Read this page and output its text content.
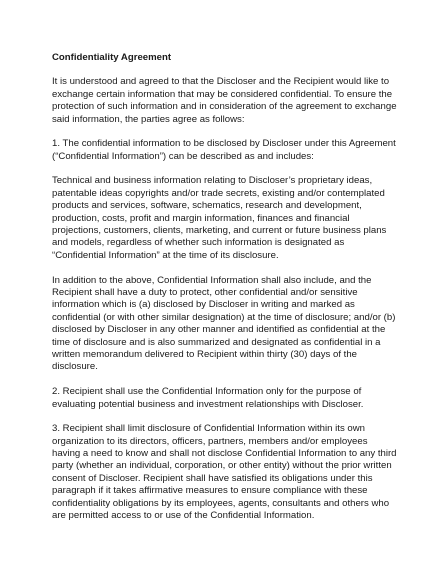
Confidentiality Agreement

It is understood and agreed to that the Discloser and the Recipient would like to exchange certain information that may be considered confidential. To ensure the protection of such information and in consideration of the agreement to exchange said information, the parties agree as follows:

1. The confidential information to be disclosed by Discloser under this Agreement (“Confidential Information”) can be described as and includes:

Technical and business information relating to Discloser’s proprietary ideas, patentable ideas copyrights and/or trade secrets, existing and/or contemplated products and services, software, schematics, research and development, production, costs, profit and margin information, finances and financial projections, customers, clients, marketing, and current or future business plans and models, regardless of whether such information is designated as “Confidential Information” at the time of its disclosure.

In addition to the above, Confidential Information shall also include, and the Recipient shall have a duty to protect, other confidential and/or sensitive information which is (a) disclosed by Discloser in writing and marked as confidential (or with other similar designation) at the time of disclosure; and/or (b) disclosed by Discloser in any other manner and identified as confidential at the time of disclosure and is also summarized and designated as confidential in a written memorandum delivered to Recipient within thirty (30) days of the disclosure.

2. Recipient shall use the Confidential Information only for the purpose of evaluating potential business and investment relationships with Discloser.

3. Recipient shall limit disclosure of Confidential Information within its own organization to its directors, officers, partners, members and/or employees having a need to know and shall not disclose Confidential Information to any third party (whether an individual, corporation, or other entity) without the prior written consent of Discloser. Recipient shall have satisfied its obligations under this paragraph if it takes affirmative measures to ensure compliance with these confidentiality obligations by its employees, agents, consultants and others who are permitted access to or use of the Confidential Information.
